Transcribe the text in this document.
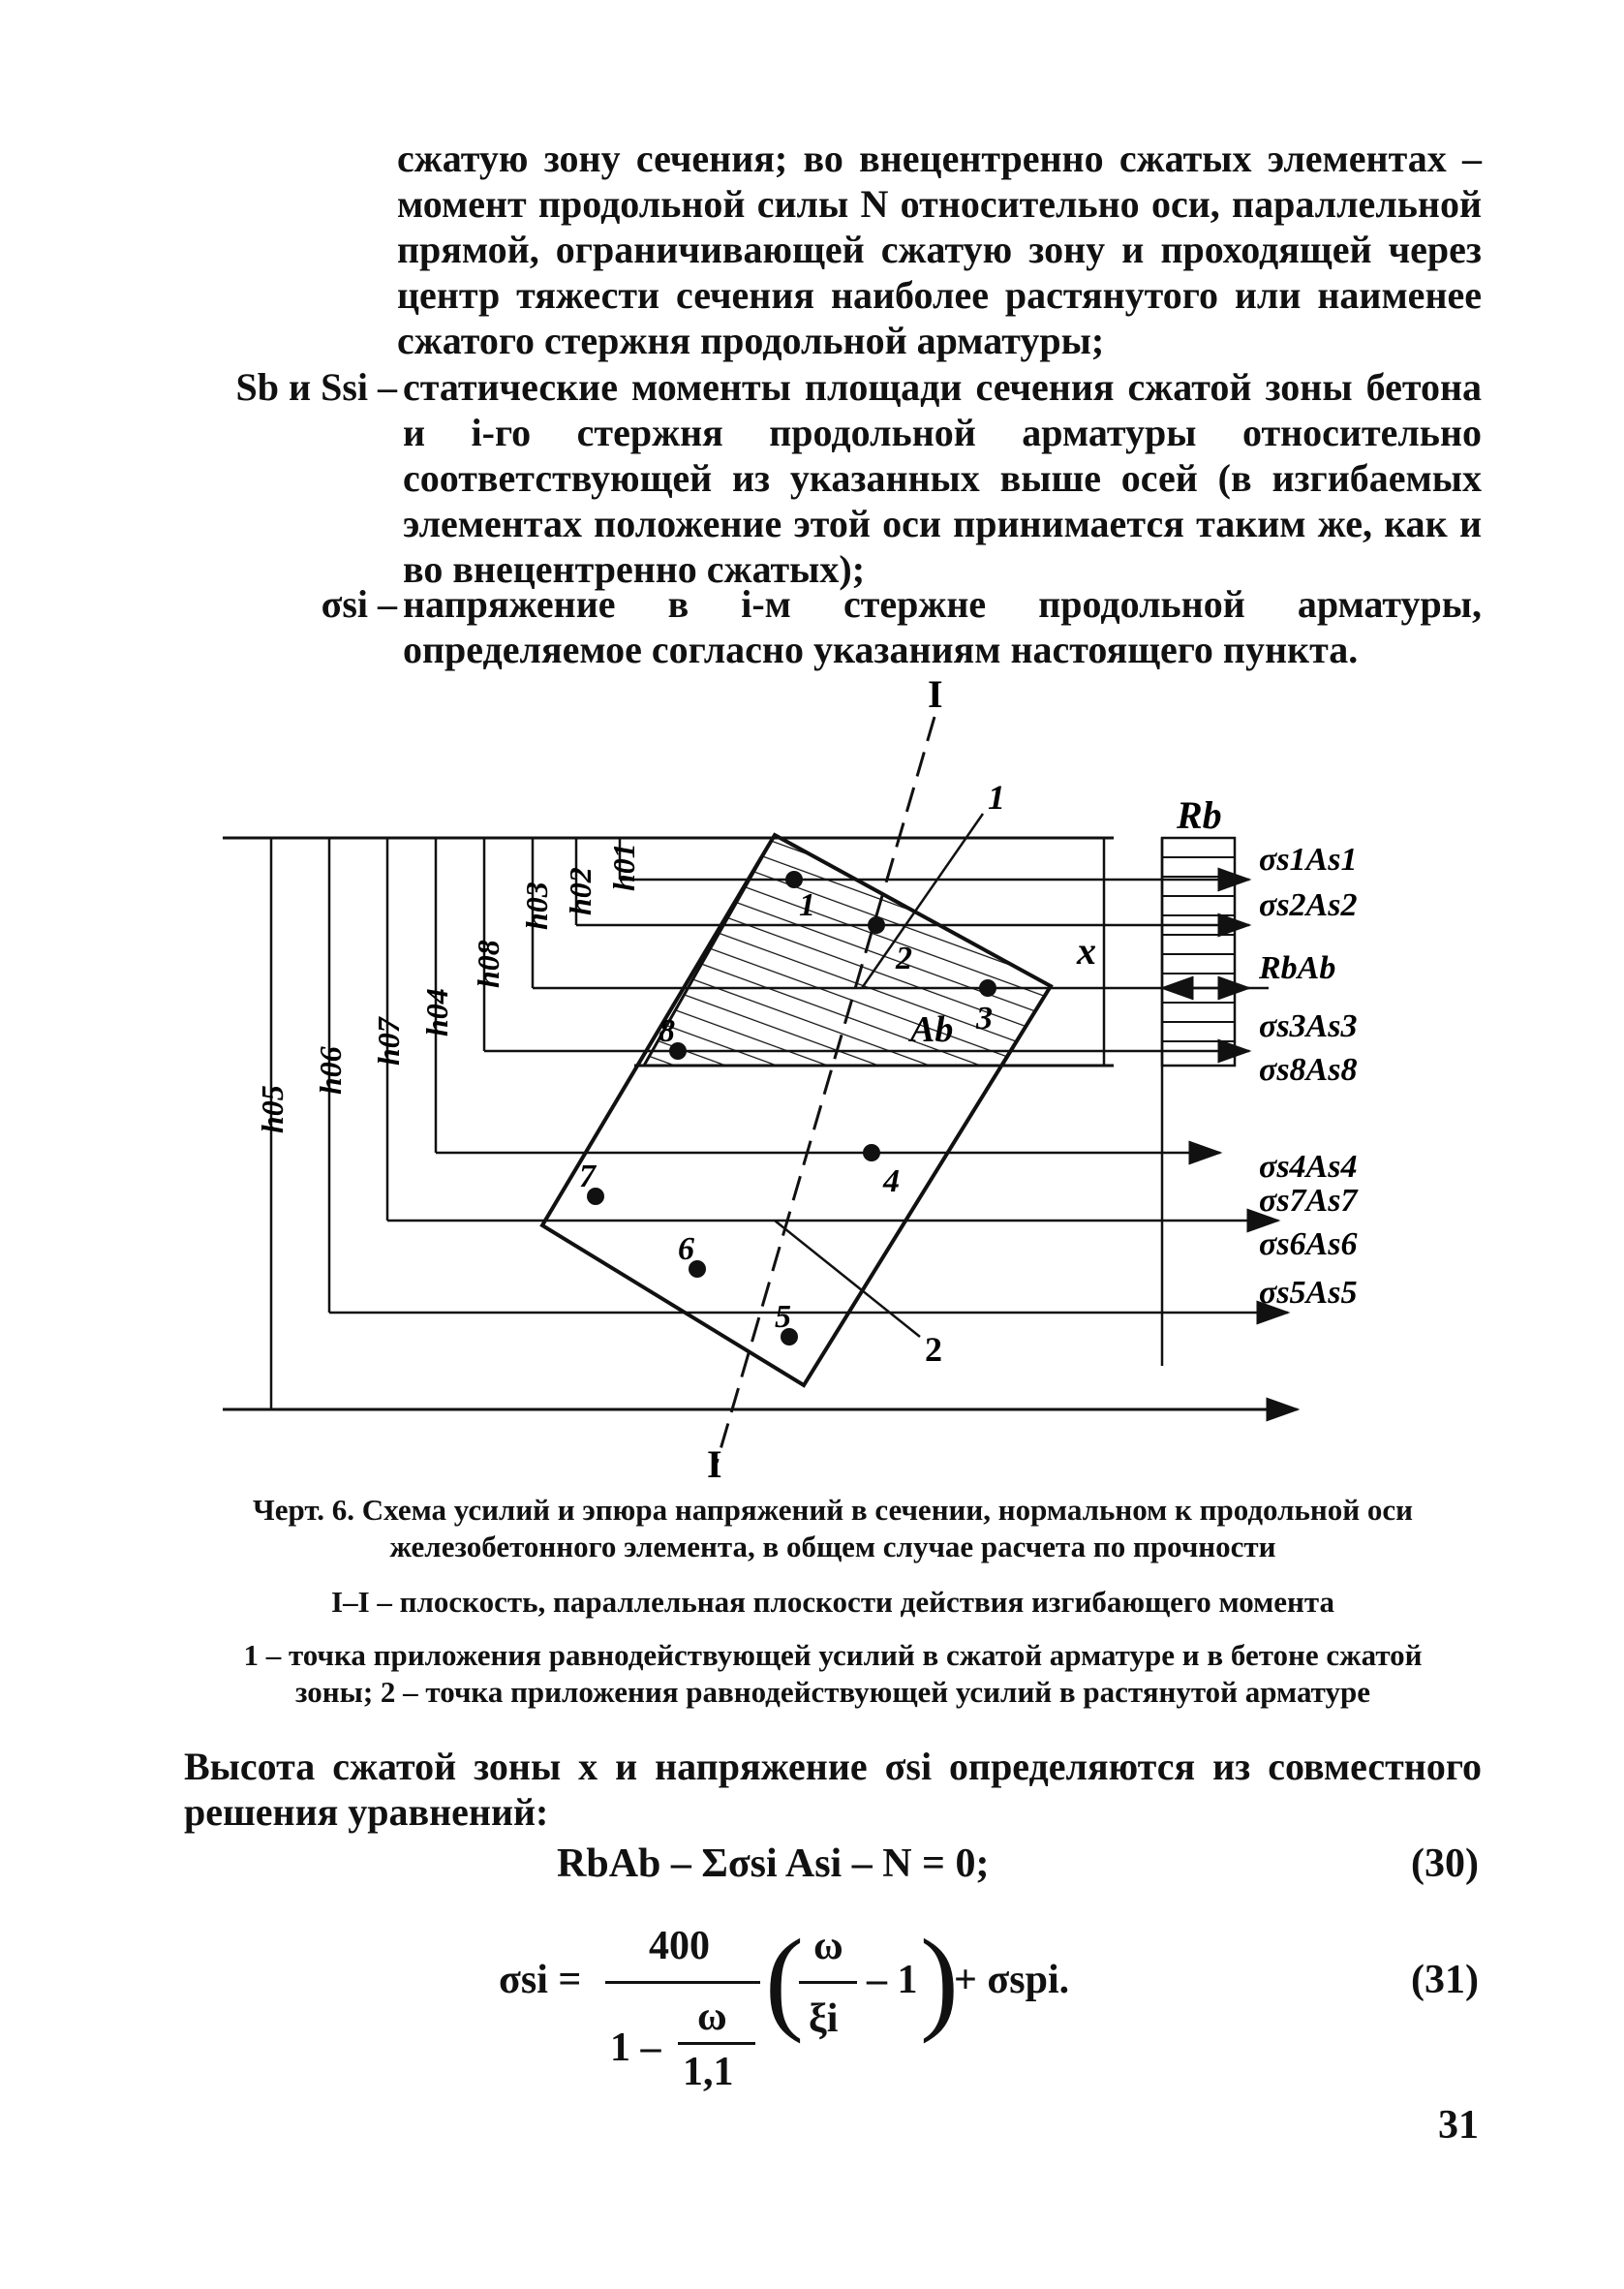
сжатую зону сечения; во внецентренно сжатых элементах – момент продольной силы N относительно оси, параллельной прямой, ограничивающей сжатую зону и проходящей через центр тяжести сечения наиболее растянутого или наименее сжатого стержня продольной арматуры;

Sb и Ssi – статические моменты площади сечения сжатой зоны бетона и i-го стержня продольной арматуры относительно соответствующей из указанных выше осей (в изгибаемых элементах положение этой оси принимается таким же, как и во внецентренно сжатых);
σsi – напряжение в i-м стержне продольной арматуры, определяемое согласно указаниям настоящего пункта.
I
I
1
2
Rb
x
Ab
1
2
3
4
5
6
7
8
h01
h02
h03
h08
h04
h07
h06
h05
σs1As1
σs2As2
RbAb
σs3As3
σs8As8
σs4As4
σs7As7
σs6As6
σs5As5
Черт. 6. Схема усилий и эпюра напряжений в сечении, нормальном к продольной оси
железобетонного элемента, в общем случае расчета по прочности
I–I – плоскость, параллельная плоскости действия изгибающего момента
1 – точка приложения равнодействующей усилий в сжатой арматуре и в бетоне сжатой
зоны; 2 – точка приложения равнодействующей усилий в растянутой арматуре

Высота сжатой зоны x и напряжение σsi определяются из совместного решения уравнений:

RbAb – Σσsi Asi – N = 0;	(30)
σsi =
400
1 –
ω
1,1
( ω
ξi
– 1 )
+ σspi.	(31)
31
